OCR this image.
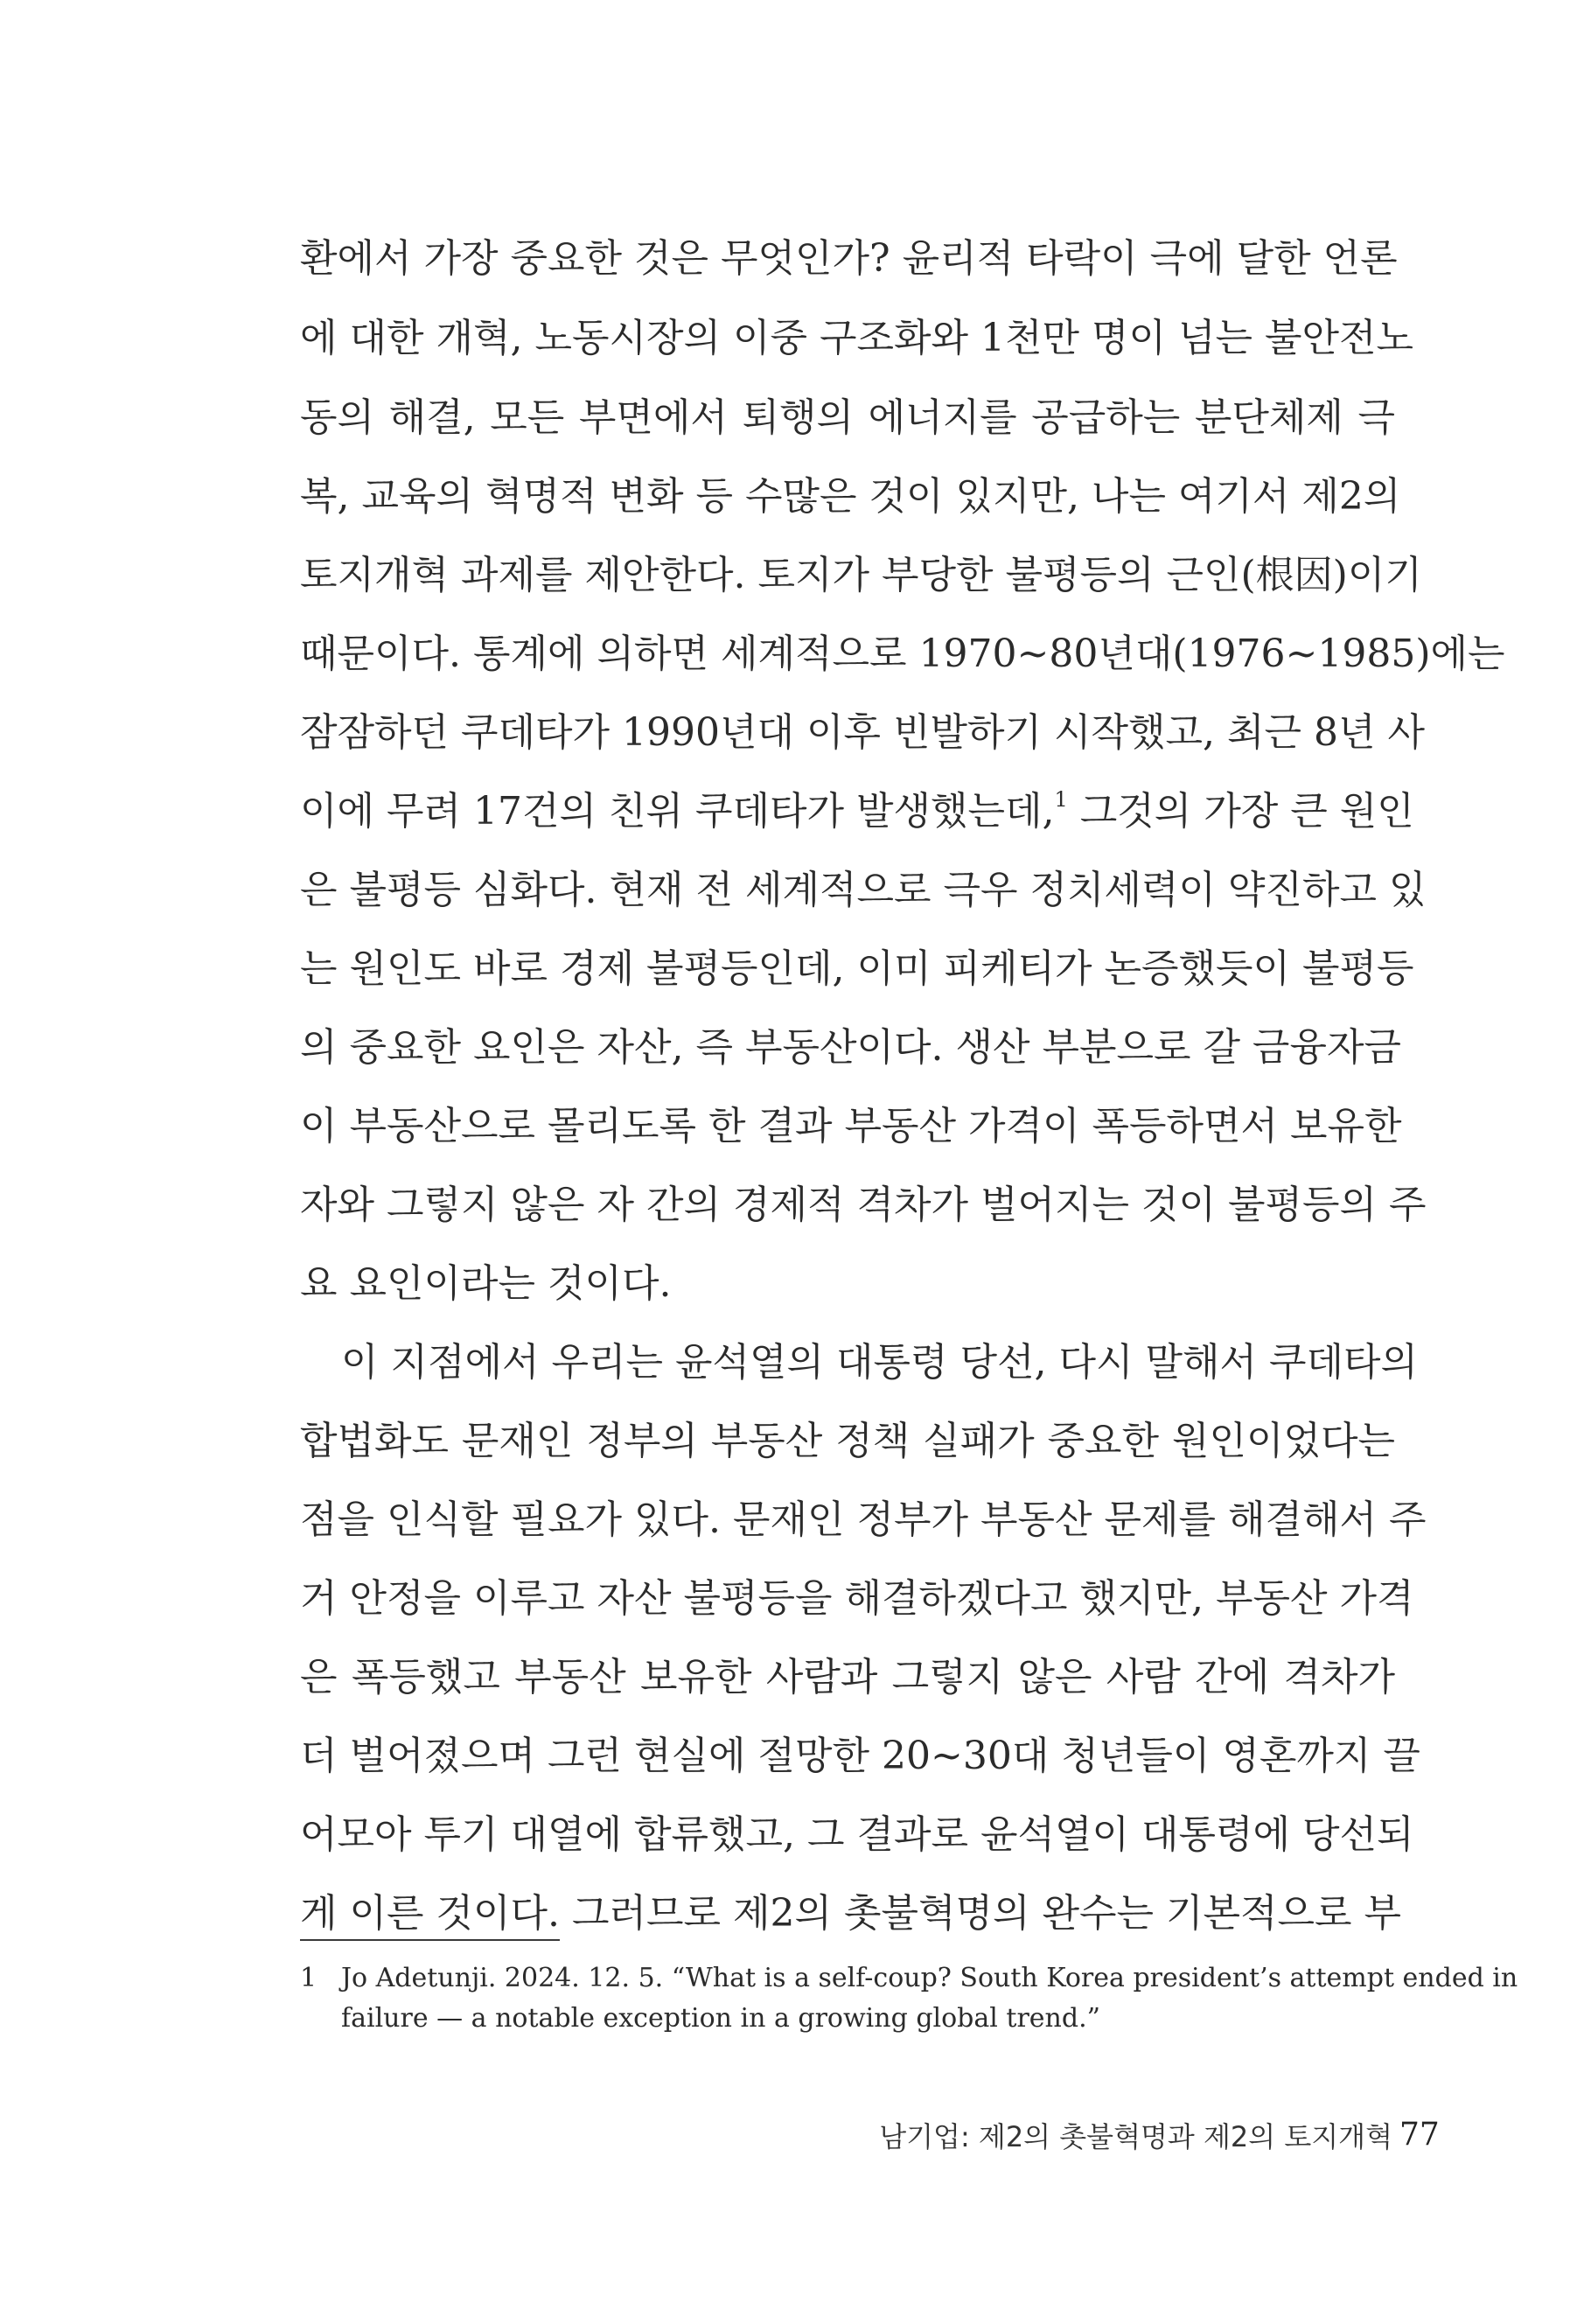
환에서 가장 중요한 것은 무엇인가? 윤리적 타락이 극에 달한 언론
에 대한 개혁, 노동시장의 이중 구조화와 1천만 명이 넘는 불안전노
동의 해결, 모든 부면에서 퇴행의 에너지를 공급하는 분단체제 극
복, 교육의 혁명적 변화 등 수많은 것이 있지만, 나는 여기서 제2의
토지개혁 과제를 제안한다. 토지가 부당한 불평등의 근인(根因)이기
때문이다. 통계에 의하면 세계적으로 1970~80년대(1976~1985)에는
잠잠하던 쿠데타가 1990년대 이후 빈발하기 시작했고, 최근 8년 사
이에 무려 17건의 친위 쿠데타가 발생했는데,$^1$ 그것의 가장 큰 원인
은 불평등 심화다. 현재 전 세계적으로 극우 정치세력이 약진하고 있
는 원인도 바로 경제 불평등인데, 이미 피케티가 논증했듯이 불평등
의 중요한 요인은 자산, 즉 부동산이다. 생산 부분으로 갈 금융자금
이 부동산으로 몰리도록 한 결과 부동산 가격이 폭등하면서 보유한
자와 그렇지 않은 자 간의 경제적 격차가 벌어지는 것이 불평등의 주
요 요인이라는 것이다.
이 지점에서 우리는 윤석열의 대통령 당선, 다시 말해서 쿠데타의
합법화도 문재인 정부의 부동산 정책 실패가 중요한 원인이었다는
점을 인식할 필요가 있다. 문재인 정부가 부동산 문제를 해결해서 주
거 안정을 이루고 자산 불평등을 해결하겠다고 했지만, 부동산 가격
은 폭등했고 부동산 보유한 사람과 그렇지 않은 사람 간에 격차가
더 벌어졌으며 그런 현실에 절망한 20~30대 청년들이 영혼까지 끌
어모아 투기 대열에 합류했고, 그 결과로 윤석열이 대통령에 당선되
게 이른 것이다. 그러므로 제2의 촛불혁명의 완수는 기본적으로 부
1 Jo Adetunji. 2024. 12. 5. “What is a self-coup? South Korea president’s attempt ended in
failure — a notable exception in a growing global trend.”
남기업: 제2의 촛불혁명과 제2의 토지개혁 77
